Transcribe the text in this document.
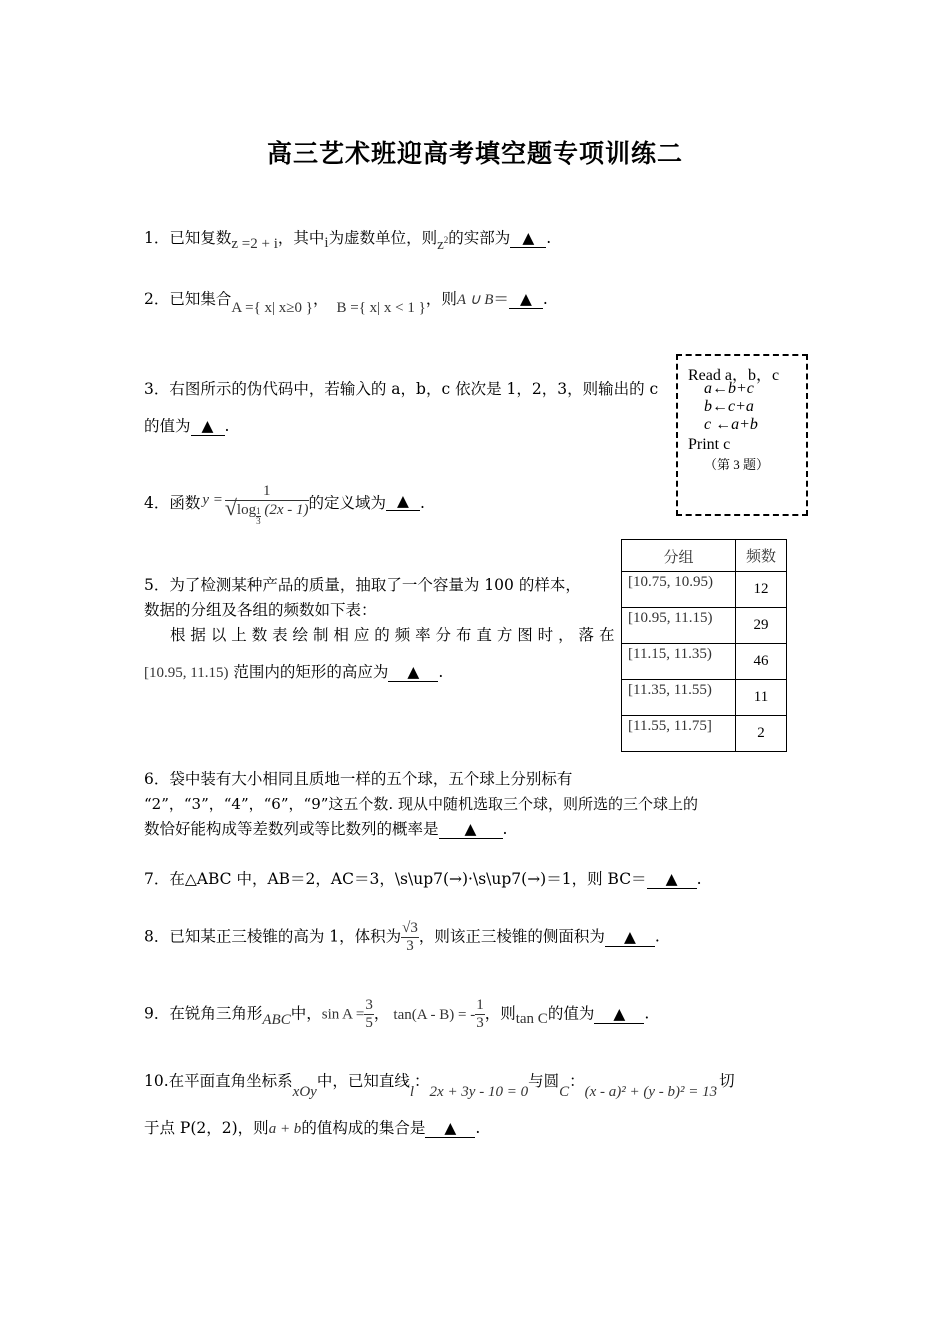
高三艺术班迎高考填空题专项训练二
1．已知复数z =2 + i，其中i为虚数单位，则$z^2$的实部为 ▲ .
2．已知集合A ={ x| x≥0 }， B ={ x| x < 1 }，则A ∪ B＝ ▲ .
3．右图所示的伪代码中，若输入的 a，b，c 依次是 1，2，3，则输出的 c
的值为 ▲ .
Read a，b，c
a←b+c
b←c+a
c ←a+b
Print c
（第 3 题）
4．函数 $y = \frac{1}{√ \log \frac{1}{3} (2x - 1)}$ 的定义域为 ▲ .
5．为了检测某种产品的质量，抽取了一个容量为 100 的样本，
数据的分组及各组的频数如下表：
根 据 以 上 数 表 绘 制 相 应 的 频 率 分 布 直 方 图 时 ， 落 在
[10.95, 11.15) 范围内的矩形的高应为 ▲ .
分组	频数
[10.75, 10.95)	12
[10.95, 11.15)	29
[11.15, 11.35)	46
[11.35, 11.55)	11
[11.55, 11.75]	2
6．袋中装有大小相同且质地一样的五个球，五个球上分别标有
“2”，“3”，“4”，“6”，“9”这五个数. 现从中随机选取三个球，则所选的三个球上的
数恰好能构成等差数列或等比数列的概率是 ▲ .
7．在△ABC 中，AB＝2，AC＝3，\s\up7(→)·\s\up7(→)＝1，则 BC＝ ▲ .
8．已知某正三棱锥的高为 1，体积为 $\frac{√3}{3}$ ，则该正三棱锥的侧面积为 ▲ .
9．在锐角三角形ABC中，$\sin A = \frac{3}{5}$ ， tan(A - B) = - $\frac{1}{3}$ ，则tan C的值为 ▲ .
10.在平面直角坐标系xOy中，已知直线l：2x + 3y - 10 = 0与圆C：(x - a)² + (y - b)² = 13切
于点 P(2，2)，则a + b的值构成的集合是 ▲ .
